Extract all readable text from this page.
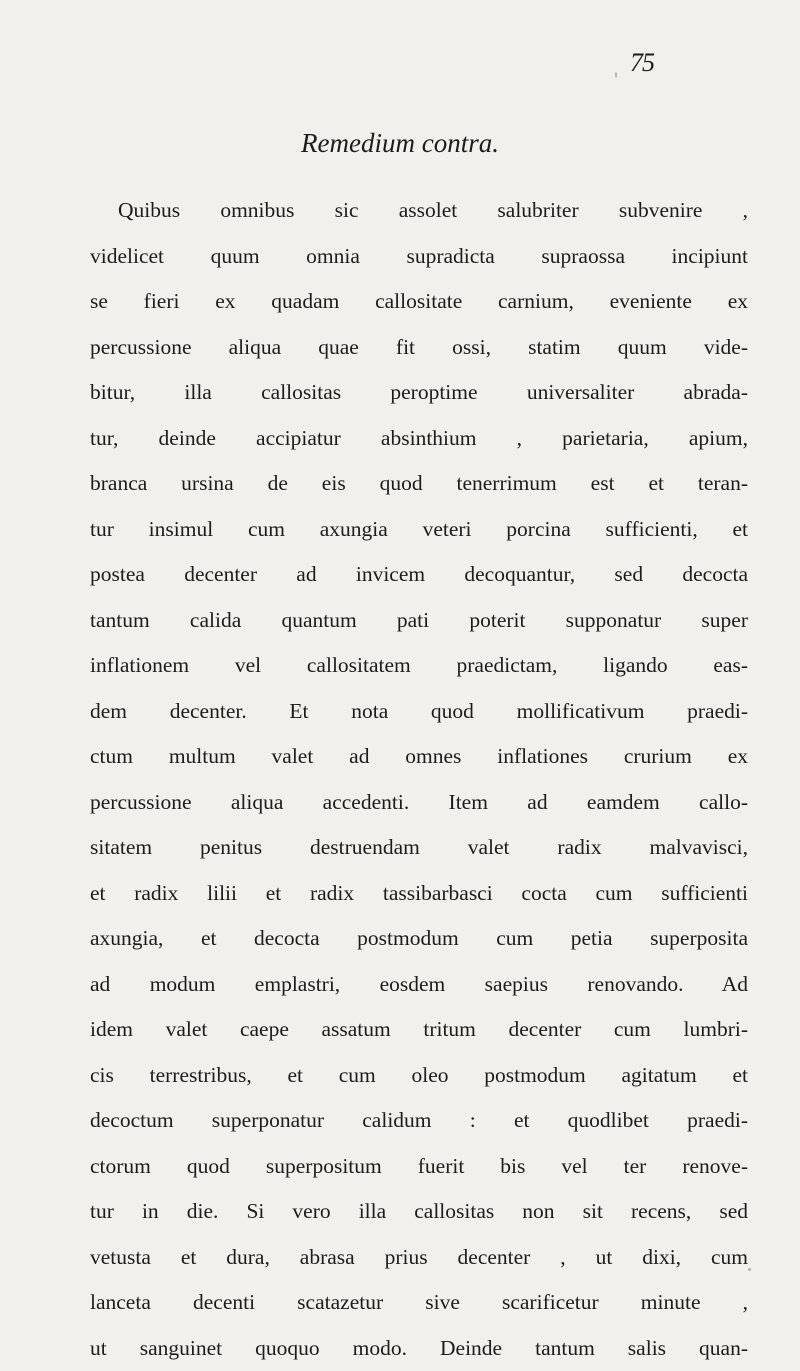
75
Remedium contra.
Quibus omnibus sic assolet salubriter subvenire ,
videlicet quum omnia supradicta supraossa incipiunt
se fieri ex quadam callositate carnium, eveniente ex
percussione aliqua quae fit ossi, statim quum vide-
bitur, illa callositas peroptime universaliter abrada-
tur, deinde accipiatur absinthium , parietaria, apium,
branca ursina de eis quod tenerrimum est et teran-
tur insimul cum axungia veteri porcina sufficienti, et
postea decenter ad invicem decoquantur, sed decocta
tantum calida quantum pati poterit supponatur super
inflationem vel callositatem praedictam, ligando eas-
dem decenter. Et nota quod mollificativum praedi-
ctum multum valet ad omnes inflationes crurium ex
percussione aliqua accedenti. Item ad eamdem callo-
sitatem penitus destruendam valet radix malvavisci,
et radix lilii et radix tassibarbasci cocta cum sufficienti
axungia, et decocta postmodum cum petia superposita
ad modum emplastri, eosdem saepius renovando. Ad
idem valet caepe assatum tritum decenter cum lumbri-
cis terrestribus, et cum oleo postmodum agitatum et
decoctum superponatur calidum : et quodlibet praedi-
ctorum quod superpositum fuerit bis vel ter renove-
tur in die. Si vero illa callositas non sit recens, sed
vetusta et dura, abrasa prius decenter , ut dixi, cum
lanceta decenti scatazetur sive scarificetur minute ,
ut sanguinet quoquo modo. Deinde tantum salis quan-
